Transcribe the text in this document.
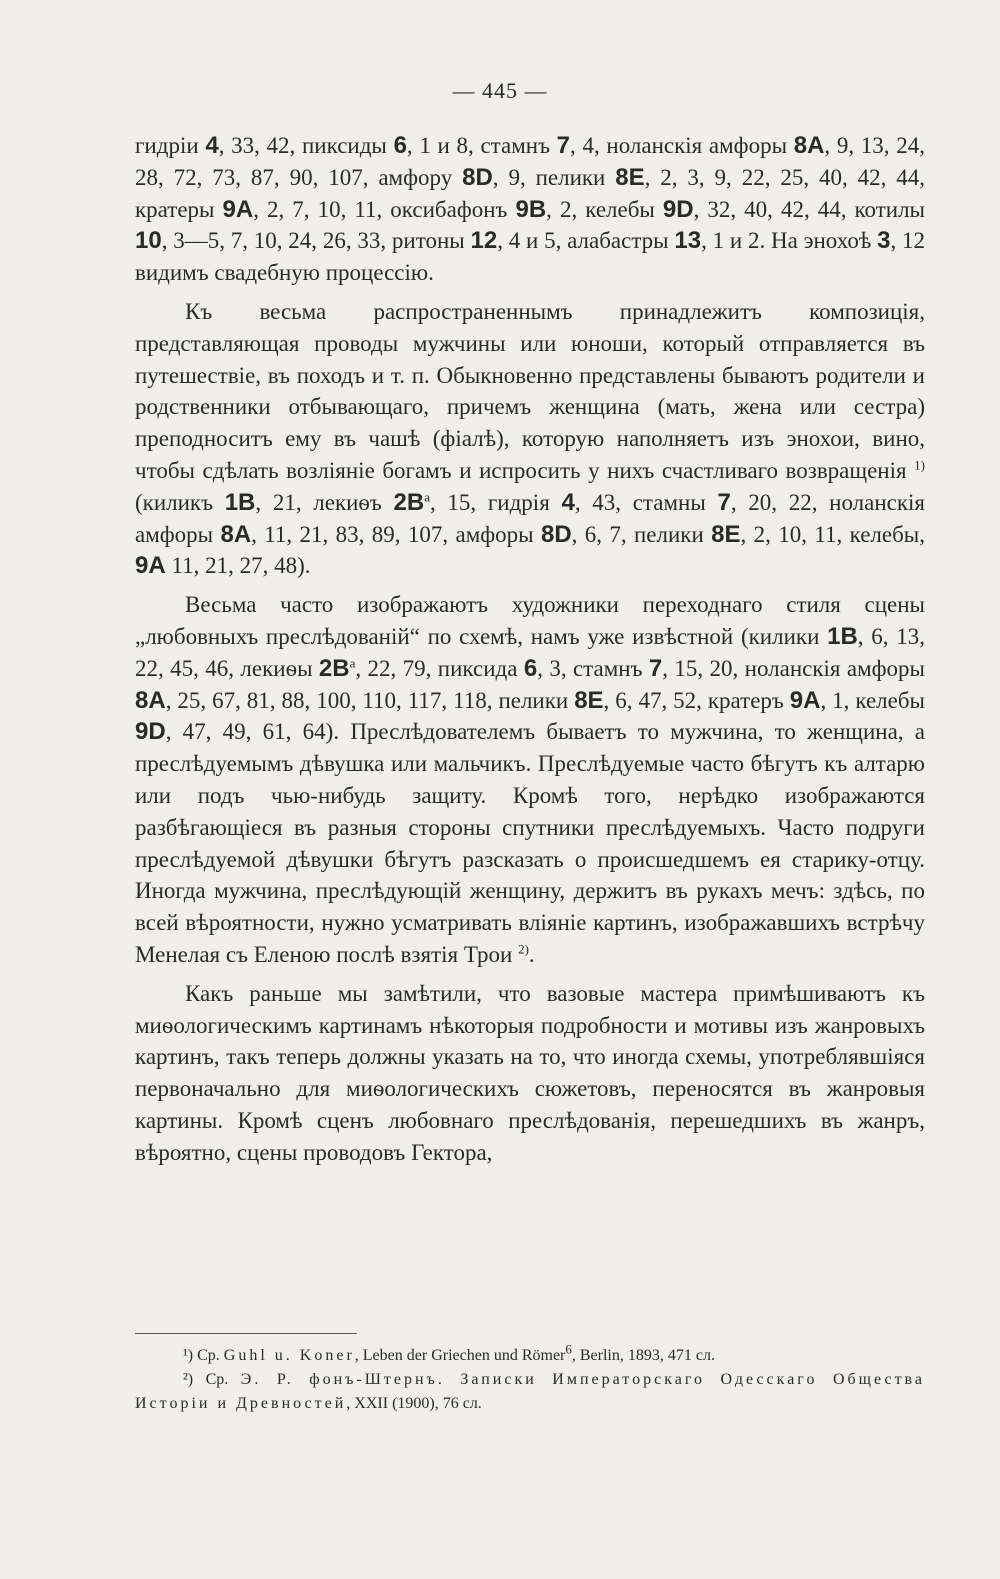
— 445 —

гидріи 4, 33, 42, пиксиды 6, 1 и 8, стамнъ 7, 4, ноланскія амфоры 8A, 9, 13, 24, 28, 72, 73, 87, 90, 107, амфору 8D, 9, пелики 8E, 2, 3, 9, 22, 25, 40, 42, 44, кратеры 9A, 2, 7, 10, 11, оксибафонъ 9B, 2, келебы 9D, 32, 40, 42, 44, котилы 10, 3—5, 7, 10, 24, 26, 33, ритоны 12, 4 и 5, алабастры 13, 1 и 2. На энохоѣ 3, 12 видимъ свадебную процессію.

Къ весьма распространеннымъ принадлежитъ композиція, представляющая проводы мужчины или юноши, который отправляется въ путешествіе, въ походъ и т. п. Обыкновенно представлены бываютъ родители и родственники отбывающаго, причемъ женщина (мать, жена или сестра) преподноситъ ему въ чашѣ (фіалѣ), которую наполняетъ изъ энохои, вино, чтобы сдѣлать возліяніе богамъ и испросить у нихъ счастливаго возвращенія $^{1)}$ (киликъ 1B, 21, лекиѳъ $2B^a$, 15, гидрія 4, 43, стамны 7, 20, 22, ноланскія амфоры 8A, 11, 21, 83, 89, 107, амфоры 8D, 6, 7, пелики 8E, 2, 10, 11, келебы, 9A 11, 21, 27, 48).

Весьма часто изображаютъ художники переходнаго стиля сцены „любовныхъ преслѣдованій“ по схемѣ, намъ уже извѣстной (килики 1B, 6, 13, 22, 45, 46, лекиѳы $2B^a$, 22, 79, пиксида 6, 3, стамнъ 7, 15, 20, ноланскія амфоры 8A, 25, 67, 81, 88, 100, 110, 117, 118, пелики 8E, 6, 47, 52, кратеръ 9A, 1, келебы 9D, 47, 49, 61, 64). Преслѣдователемъ бываетъ то мужчина, то женщина, а преслѣдуемымъ дѣвушка или мальчикъ. Преслѣдуемые часто бѣгутъ къ алтарю или подъ чью-нибудь защиту. Кромѣ того, нерѣдко изображаются разбѣгающіеся въ разныя стороны спутники преслѣдуемыхъ. Часто подруги преслѣдуемой дѣвушки бѣгутъ разсказать о происшедшемъ ея старику-отцу. Иногда мужчина, преслѣдующій женщину, держитъ въ рукахъ мечъ: здѣсь, по всей вѣроятности, нужно усматривать вліяніе картинъ, изображавшихъ встрѣчу Менелая съ Еленою послѣ взятія Трои $^{2)}$.

Какъ раньше мы замѣтили, что вазовые мастера примѣшиваютъ къ миѳологическимъ картинамъ нѣкоторыя подробности и мотивы изъ жанровыхъ картинъ, такъ теперь должны указать на то, что иногда схемы, употреблявшіяся первоначально для миѳологическихъ сюжетовъ, переносятся въ жанровыя картины. Кромѣ сценъ любовнаго преслѣдованія, перешедшихъ въ жанръ, вѣроятно, сцены проводовъ Гектора,

¹) Ср. Guhl u. Koner, Leben der Griechen und Römer$^6$, Berlin, 1893, 471 сл.

²) Ср. Э. Р. фонъ-Штернъ. Записки Императорскаго Одесскаго Общества Исторіи и Древностей, XXII (1900), 76 сл.
